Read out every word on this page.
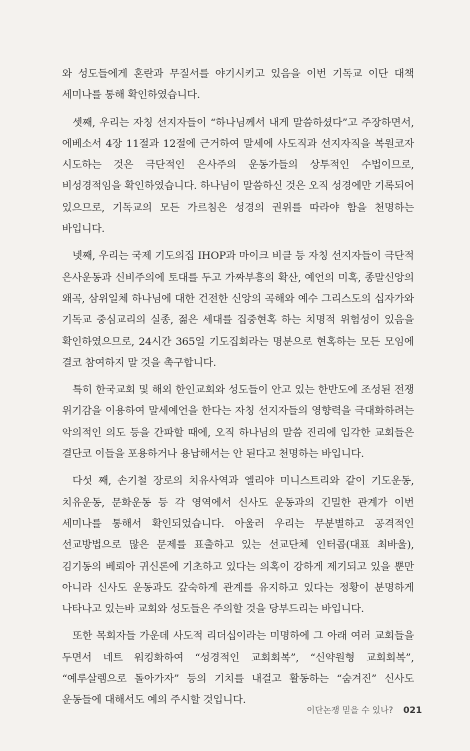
와 성도들에게 혼란과 무질서를 야기시키고 있음을 이번 기독교 이단 대책 세미나를 통해 확인하였습니다.

셋째, 우리는 자칭 선지자들이 “하나님께서 내게 말씀하셨다”고 주장하면서, 에베소서 4장 11절과 12절에 근거하여 말세에 사도직과 선지자직을 복원코자 시도하는 것은 극단적인 은사주의 운동가들의 상투적인 수법이므로, 비성경적임을 확인하였습니다. 하나님이 말씀하신 것은 오직 성경에만 기록되어 있으므로, 기독교의 모든 가르침은 성경의 권위를 따라야 함을 천명하는 바입니다.

넷째, 우리는 국제 기도의집 IHOP과 마이크 비클 등 자칭 선지자들이 극단적 은사운동과 신비주의에 토대를 두고 가짜부흥의 확산, 예언의 미혹, 종말신앙의 왜곡, 삼위일체 하나님에 대한 건전한 신앙의 곡해와 예수 그리스도의 십자가와 기독교 중심교리의 실종, 젊은 세대를 집중현혹 하는 치명적 위험성이 있음을 확인하였으므로, 24시간 365일 기도집회라는 명분으로 현혹하는 모든 모임에 결코 참여하지 말 것을 촉구합니다.

특히 한국교회 및 해외 한인교회와 성도들이 안고 있는 한반도에 조성된 전쟁 위기감을 이용하여 말세예언을 한다는 자칭 선지자들의 영향력을 극대화하려는 악의적인 의도 등을 간파할 때에, 오직 하나님의 말씀 진리에 입각한 교회들은 결단코 이들을 포용하거나 용납해서는 안 된다고 천명하는 바입니다.

다섯 째, 손기철 장로의 치유사역과 엘리야 미니스트리와 같이 기도운동, 치유운동, 문화운동 등 각 영역에서 신사도 운동과의 긴밀한 관계가 이번 세미나를 통해서 확인되었습니다. 아울러 우리는 무분별하고 공격적인 선교방법으로 많은 문제를 표출하고 있는 선교단체 인터콥(대표 최바울), 김기동의 베뢰아 귀신론에 기초하고 있다는 의혹이 강하게 제기되고 있을 뿐만 아니라 신사도 운동과도 갚숙하게 관계를 유지하고 있다는 정황이 분명하게 나타나고 있는바 교회와 성도들은 주의할 것을 당부드리는 바입니다.

또한 목회자들 가운데 사도적 리더십이라는 미명하에 그 아래 여러 교회들을 두면서 네트 워킹화하여 “성경적인 교회회복”, “신약원형 교회회복”, “예루살렘으로 돌아가자” 등의 기치를 내걸고 활동하는 “숨겨진” 신사도 운동들에 대해서도 예의 주시할 것입니다.

이단논쟁 믿을 수 있나? 021
